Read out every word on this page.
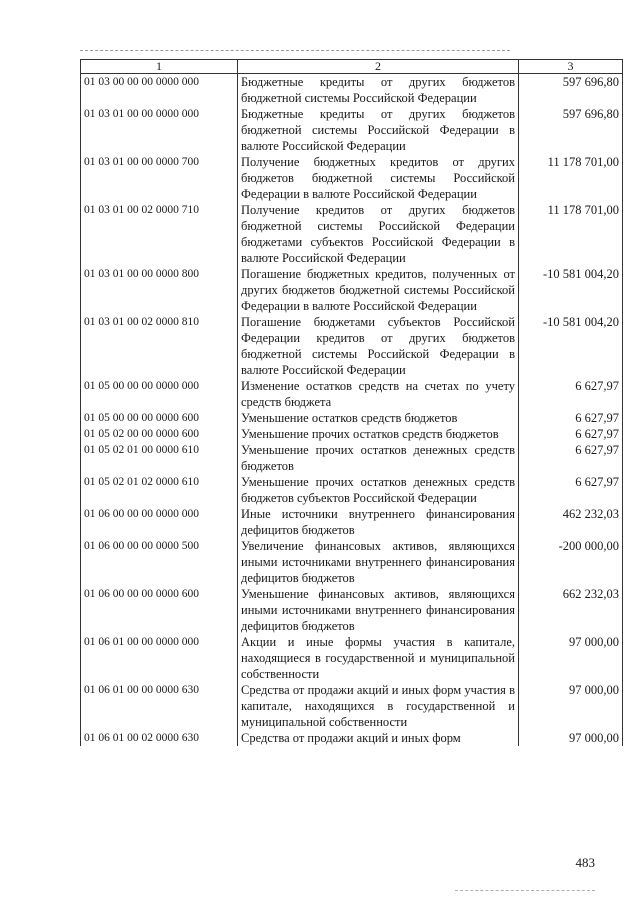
1	2	3
01 03 00 00 00 0000 000	Бюджетные кредиты от других бюджетов бюджетной системы Российской Федерации	597 696,80
01 03 01 00 00 0000 000	Бюджетные кредиты от других бюджетов бюджетной системы Российской Федерации в валюте Российской Федерации	597 696,80
01 03 01 00 00 0000 700	Получение бюджетных кредитов от других бюджетов бюджетной системы Российской Федерации в валюте Российской Федерации	11 178 701,00
01 03 01 00 02 0000 710	Получение кредитов от других бюджетов бюджетной системы Российской Федерации бюджетами субъектов Российской Федерации в валюте Российской Федерации	11 178 701,00
01 03 01 00 00 0000 800	Погашение бюджетных кредитов, полученных от других бюджетов бюджетной системы Российской Федерации в валюте Российской Федерации	-10 581 004,20
01 03 01 00 02 0000 810	Погашение бюджетами субъектов Российской Федерации кредитов от других бюджетов бюджетной системы Российской Федерации в валюте Российской Федерации	-10 581 004,20
01 05 00 00 00 0000 000	Изменение остатков средств на счетах по учету средств бюджета	6 627,97
01 05 00 00 00 0000 600	Уменьшение остатков средств бюджетов	6 627,97
01 05 02 00 00 0000 600	Уменьшение прочих остатков средств бюджетов	6 627,97
01 05 02 01 00 0000 610	Уменьшение прочих остатков денежных средств бюджетов	6 627,97
01 05 02 01 02 0000 610	Уменьшение прочих остатков денежных средств бюджетов субъектов Российской Федерации	6 627,97
01 06 00 00 00 0000 000	Иные источники внутреннего финансирования дефицитов бюджетов	462 232,03
01 06 00 00 00 0000 500	Увеличение финансовых активов, являющихся иными источниками внутреннего финансирования дефицитов бюджетов	-200 000,00
01 06 00 00 00 0000 600	Уменьшение финансовых активов, являющихся иными источниками внутреннего финансирования дефицитов бюджетов	662 232,03
01 06 01 00 00 0000 000	Акции и иные формы участия в капитале, находящиеся в государственной и муниципальной собственности	97 000,00
01 06 01 00 00 0000 630	Средства от продажи акций и иных форм участия в капитале, находящихся в государственной и муниципальной собственности	97 000,00
01 06 01 00 02 0000 630	Средства от продажи акций и иных форм	97 000,00
483
